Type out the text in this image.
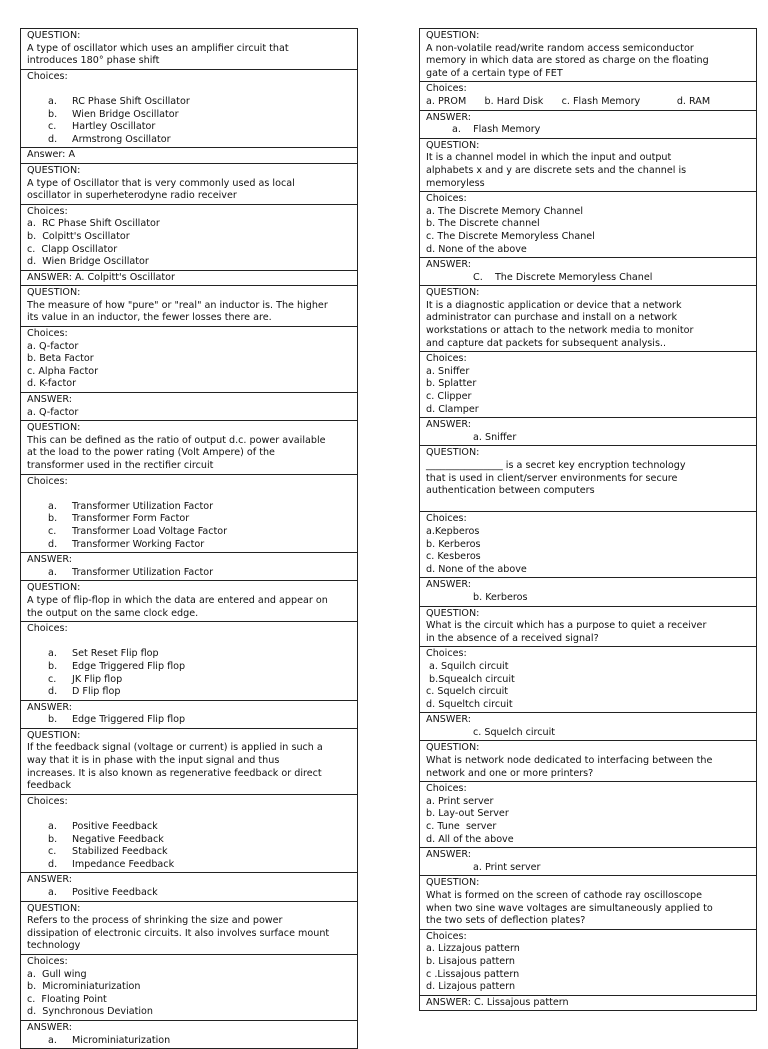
QUESTION:
A type of oscillator which uses an amplifier circuit that
introduces 180° phase shift
Choices:

a. RC Phase Shift Oscillator
b. Wien Bridge Oscillator
c. Hartley Oscillator
d. Armstrong Oscillator
Answer: A
QUESTION:
A type of Oscillator that is very commonly used as local
oscillator in superheterodyne radio receiver
Choices:
a.  RC Phase Shift Oscillator
b.  Colpitt's Oscillator
c.  Clapp Oscillator
d.  Wien Bridge Oscillator
ANSWER: A. Colpitt's Oscillator
QUESTION:
The measure of how "pure" or "real" an inductor is. The higher
its value in an inductor, the fewer losses there are.
Choices:
a. Q-factor
b. Beta Factor
c. Alpha Factor
d. K-factor
ANSWER:
a. Q-factor
QUESTION:
This can be defined as the ratio of output d.c. power available
at the load to the power rating (Volt Ampere) of the
transformer used in the rectifier circuit
Choices:

a. Transformer Utilization Factor
b. Transformer Form Factor
c. Transformer Load Voltage Factor
d. Transformer Working Factor
ANSWER:
a. Transformer Utilization Factor
QUESTION:
A type of flip-flop in which the data are entered and appear on
the output on the same clock edge.
Choices:

a. Set Reset Flip flop
b. Edge Triggered Flip flop
c. JK Flip flop
d. D Flip flop
ANSWER:
b. Edge Triggered Flip flop
QUESTION:
If the feedback signal (voltage or current) is applied in such a
way that it is in phase with the input signal and thus
increases. It is also known as regenerative feedback or direct
feedback
Choices:

a. Positive Feedback
b. Negative Feedback
c. Stabilized Feedback
d. Impedance Feedback
ANSWER:
a. Positive Feedback
QUESTION:
Refers to the process of shrinking the size and power
dissipation of electronic circuits. It also involves surface mount
technology
Choices:
a.  Gull wing
b.  Microminiaturization
c.  Floating Point
d.  Synchronous Deviation
ANSWER:
a. Microminiaturization
QUESTION:
A non-volatile read/write random access semiconductor
memory in which data are stored as charge on the floating
gate of a certain type of FET
Choices:
a. PROM      b. Hard Disk      c. Flash Memory            d. RAM
ANSWER:
a.    Flash Memory
QUESTION:
It is a channel model in which the input and output
alphabets x and y are discrete sets and the channel is
memoryless
Choices:
a. The Discrete Memory Channel
b. The Discrete channel
c. The Discrete Memoryless Chanel
d. None of the above
ANSWER:
C.    The Discrete Memoryless Chanel
QUESTION:
It is a diagnostic application or device that a network
administrator can purchase and install on a network
workstations or attach to the network media to monitor
and capture dat packets for subsequent analysis..
Choices:
a. Sniffer
b. Splatter
c. Clipper
d. Clamper
ANSWER:
a. Sniffer
QUESTION:
________________ is a secret key encryption technology
that is used in client/server environments for secure
authentication between computers

Choices:
a.Kepberos
b. Kerberos
c. Kesberos
d. None of the above
ANSWER:
b. Kerberos
QUESTION:
What is the circuit which has a purpose to quiet a receiver
in the absence of a received signal?
Choices:
a. Squilch circuit
b.Squealch circuit
c. Squelch circuit
d. Squeltch circuit
ANSWER:
c. Squelch circuit
QUESTION:
What is network node dedicated to interfacing between the
network and one or more printers?
Choices:
a. Print server
b. Lay-out Server
c. Tune  server
d. All of the above
ANSWER:
a. Print server
QUESTION:
What is formed on the screen of cathode ray oscilloscope
when two sine wave voltages are simultaneously applied to
the two sets of deflection plates?
Choices:
a. Lizzajous pattern
b. Lisajous pattern
c .Lissajous pattern
d. Lizajous pattern
ANSWER: C. Lissajous pattern
